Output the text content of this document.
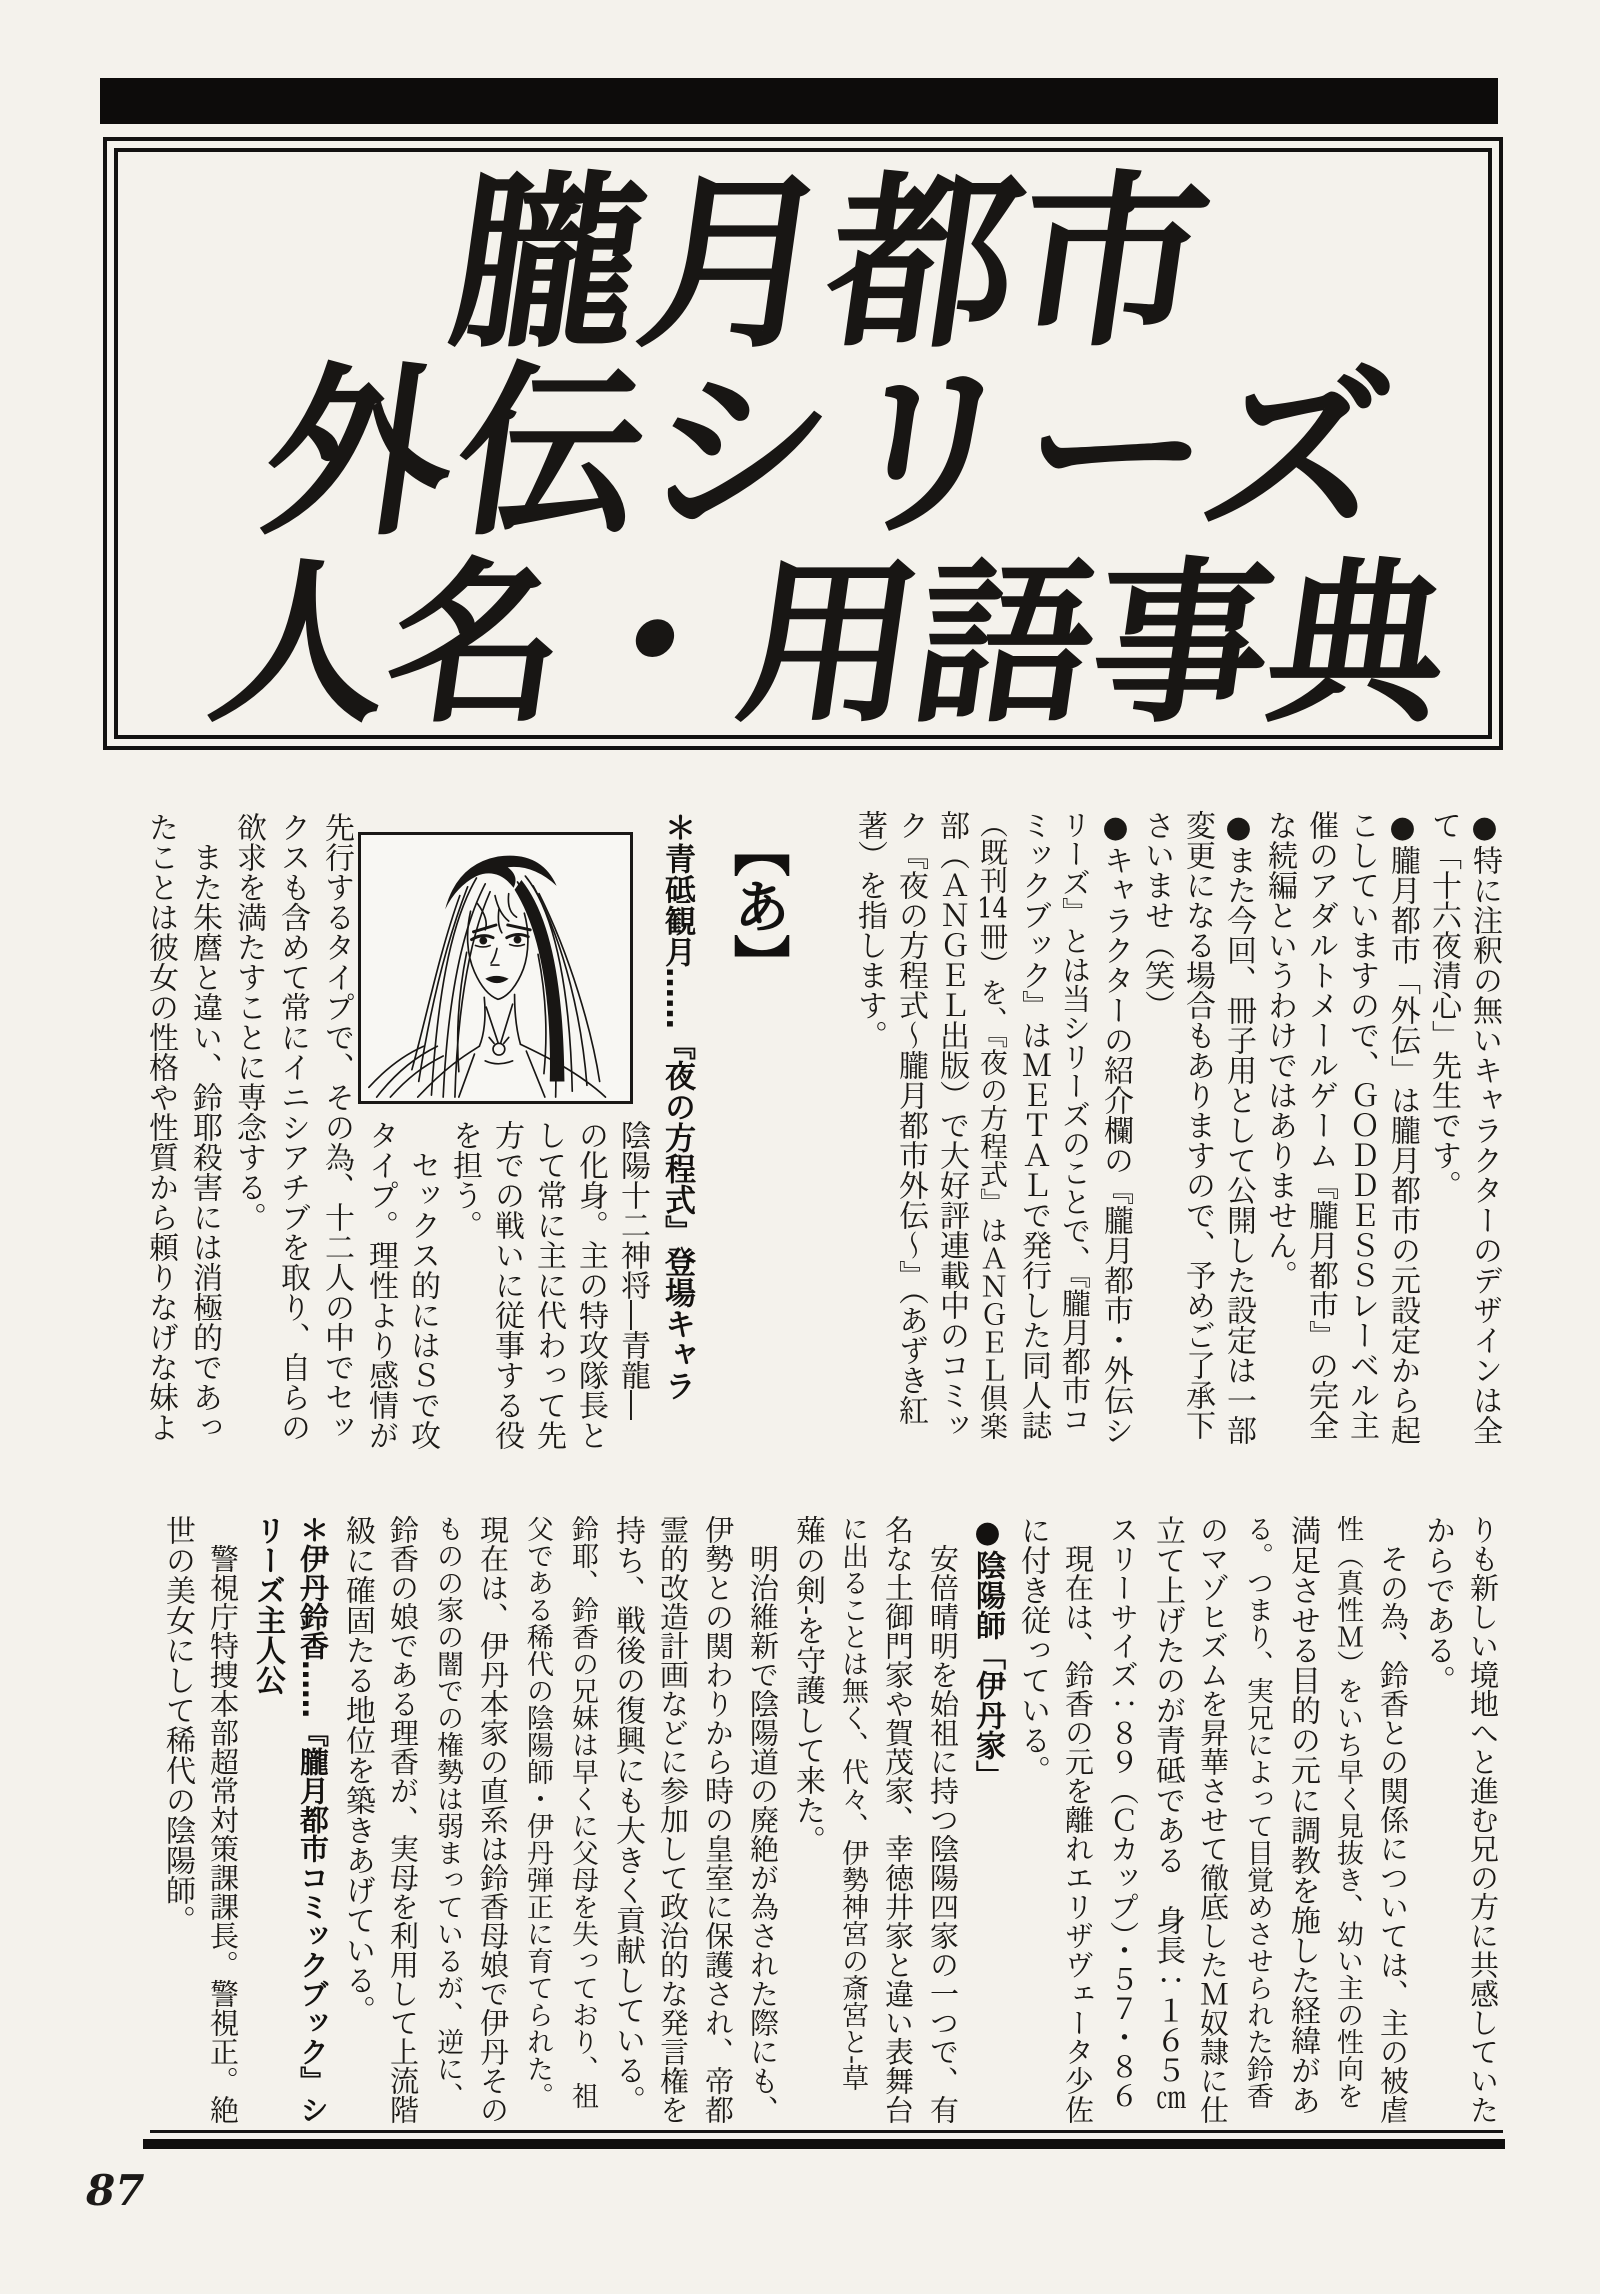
朧月都市
外伝シリーズ
人名・用語事典
●特に注釈の無いキャラクターのデザインは全
て「十六夜清心」先生です。
●朧月都市「外伝」は朧月都市の元設定から起
こしていますので、ＧＯＤＤＥＳＳレーベル主
催のアダルトメールゲーム『朧月都市』の完全
な続編というわけではありません。
●また今回、冊子用として公開した設定は一部
変更になる場合もありますので、予めご了承下
さいませ（笑）
●キャラクターの紹介欄の『朧月都市・外伝シ
リーズ』とは当シリーズのことで、『朧月都市コ
ミックブック』はＭＥＴＡＬで発行した同人誌
（既刊14冊）を、『夜の方程式』はＡＮＧＥＬ倶楽
部（ＡＮＧＥＬ出版）で大好評連載中のコミッ
ク『夜の方程式〜朧月都市外伝〜』（あずき紅
著）を指します。
【あ】
＊青砥観月……『夜の方程式』登場キャラ
陰陽十二神将―青龍―
の化身。主の特攻隊長と
して常に主に代わって先
方での戦いに従事する役
を担う。
　セックス的にはＳで攻
タイプ。理性より感情が
先行するタイプで、その為、十二人の中でセッ
クスも含めて常にイニシアチブを取り、自らの
欲求を満たすことに専念する。
　また朱麿と違い、鈴耶殺害には消極的であっ
たことは彼女の性格や性質から頼りなげな妹よ
りも新しい境地へと進む兄の方に共感していた
からである。
　その為、鈴香との関係については、主の被虐
性（真性Ｍ）をいち早く見抜き、幼い主の性向を
満足させる目的の元に調教を施した経緯があ
る。つまり、実兄によって目覚めさせられた鈴香
のマゾヒズムを昇華させて徹底したＭ奴隷に仕
立て上げたのが青砥である　身長：１６５㎝
スリーサイズ：８９（Ｃカップ）・５７・８６
　現在は、鈴香の元を離れエリザヴェータ少佐
に付き従っている。
●陰陽師「伊丹家」
　安倍晴明を始祖に持つ陰陽四家の一つで、有
名な土御門家や賀茂家、幸徳井家と違い表舞台
に出ることは無く、代々、伊勢神宮の斎宮と‐草
薙の剣‐を守護して来た。
　明治維新で陰陽道の廃絶が為された際にも、
伊勢との関わりから時の皇室に保護され、帝都
霊的改造計画などに参加して政治的な発言権を
持ち、戦後の復興にも大きく貢献している。
鈴耶、鈴香の兄妹は早くに父母を失っており、祖
父である稀代の陰陽師・伊丹弾正に育てられた。
現在は、伊丹本家の直系は鈴香母娘で伊丹その
ものの家の闇での権勢は弱まっているが、逆に、
鈴香の娘である理香が、実母を利用して上流階
級に確固たる地位を築きあげている。
＊伊丹鈴香……『朧月都市コミックブック』シ
リーズ主人公
　警視庁特捜本部超常対策課課長。警視正。絶
世の美女にして稀代の陰陽師。
87
